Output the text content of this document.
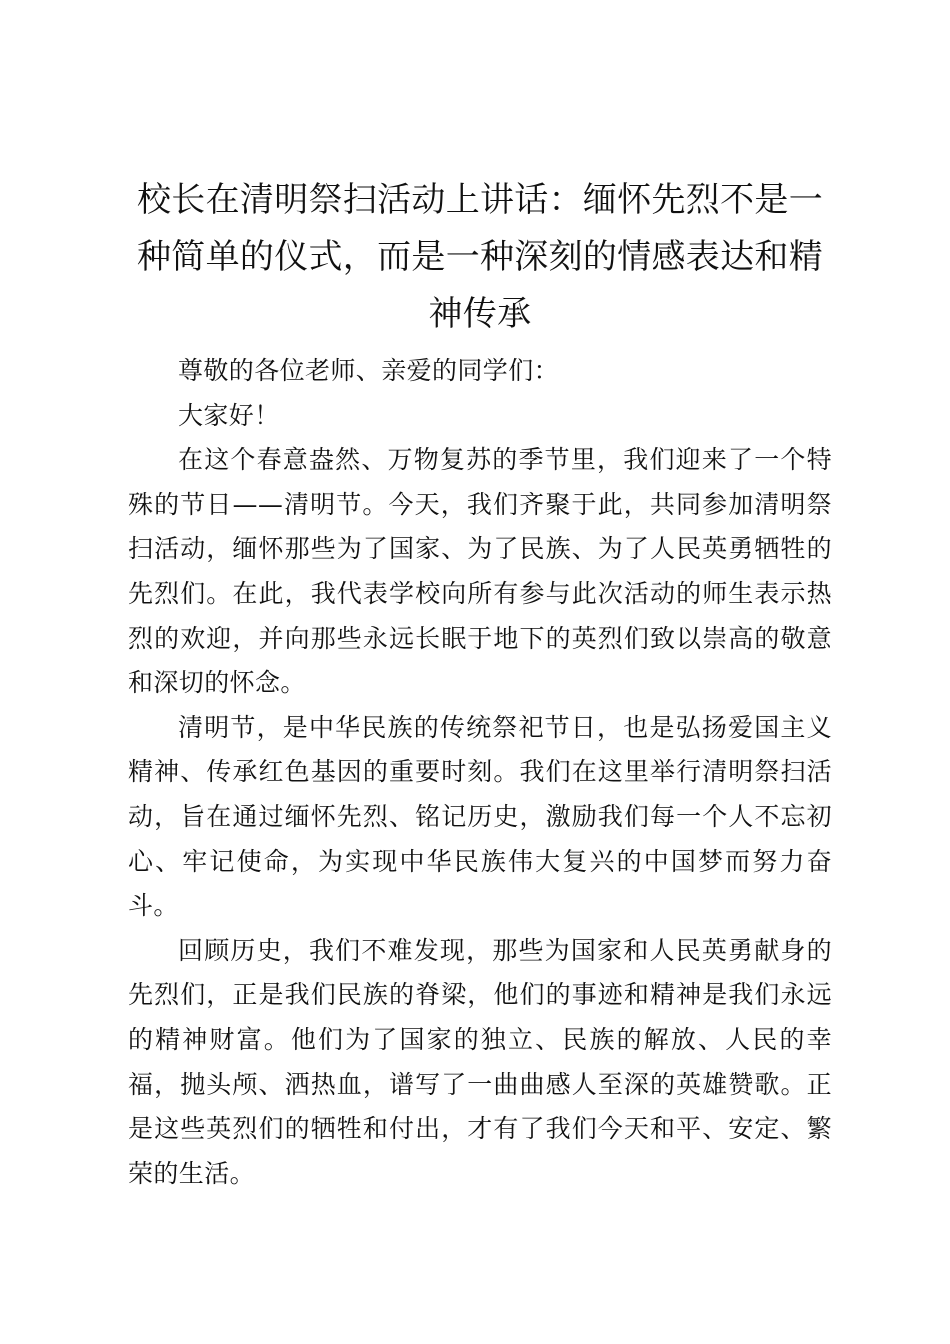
校长在清明祭扫活动上讲话：缅怀先烈不是一种简单的仪式，而是一种深刻的情感表达和精神传承

尊敬的各位老师、亲爱的同学们：

大家好！

在这个春意盎然、万物复苏的季节里，我们迎来了一个特殊的节日——清明节。今天，我们齐聚于此，共同参加清明祭扫活动，缅怀那些为了国家、为了民族、为了人民英勇牺牲的先烈们。在此，我代表学校向所有参与此次活动的师生表示热烈的欢迎，并向那些永远长眠于地下的英烈们致以崇高的敬意和深切的怀念。

清明节，是中华民族的传统祭祀节日，也是弘扬爱国主义精神、传承红色基因的重要时刻。我们在这里举行清明祭扫活动，旨在通过缅怀先烈、铭记历史，激励我们每一个人不忘初心、牢记使命，为实现中华民族伟大复兴的中国梦而努力奋斗。

回顾历史，我们不难发现，那些为国家和人民英勇献身的先烈们，正是我们民族的脊梁，他们的事迹和精神是我们永远的精神财富。他们为了国家的独立、民族的解放、人民的幸福，抛头颅、洒热血，谱写了一曲曲感人至深的英雄赞歌。正是这些英烈们的牺牲和付出，才有了我们今天和平、安定、繁荣的生活。
